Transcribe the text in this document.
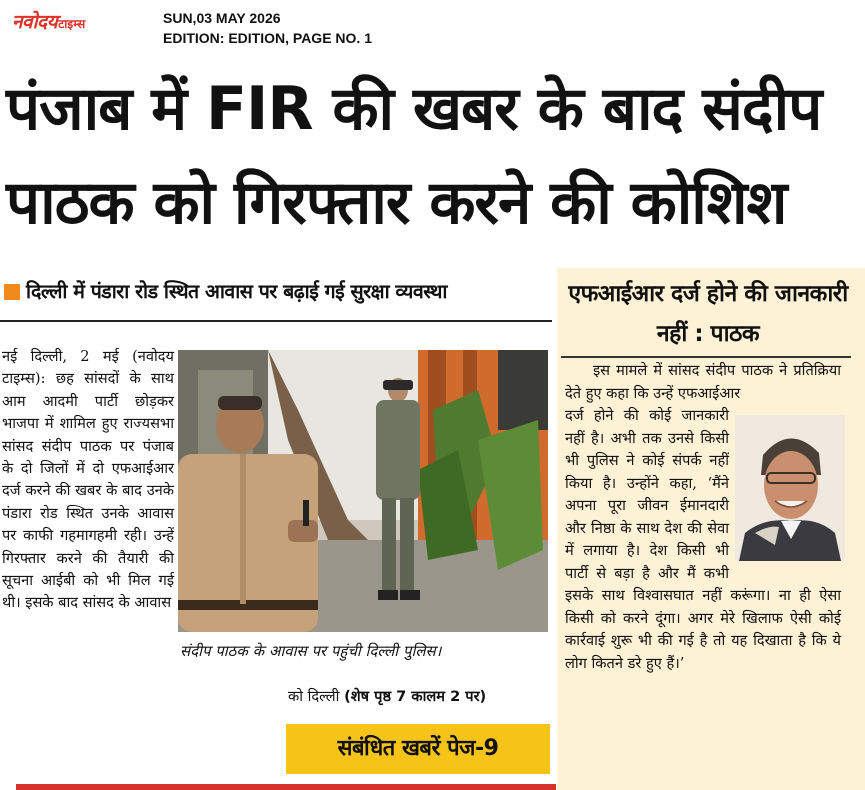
नवोदय टाइम्स	SUN,03 MAY 2026
EDITION: EDITION, PAGE NO. 1
पंजाब में FIR की खबर के बाद संदीप
पाठक को गिरफ्तार करने की कोशिश
दिल्ली में पंडारा रोड स्थित आवास पर बढ़ाई गई सुरक्षा व्यवस्था
नई दिल्ली, 2 मई (नवोदय टाइम्स): छह सांसदों के साथ आम आदमी पार्टी छोड़कर भाजपा में शामिल हुए राज्यसभा सांसद संदीप पाठक पर पंजाब के दो जिलों में दो एफआईआर दर्ज करने की खबर के बाद उनके पंडारा रोड स्थित उनके आवास पर काफी गहमागहमी रही। उन्हें गिरफ्तार करने की तैयारी की सूचना आईबी को भी मिल गई थी। इसके बाद सांसद के आवास
संदीप पाठक के आवास पर पहुंची दिल्ली पुलिस।
को दिल्ली (शेष पृष्ठ 7 कालम 2 पर)
संबंधित खबरें पेज-9
एफआईआर दर्ज होने की जानकारी नहीं : पाठक

इस मामले में सांसद संदीप पाठक ने प्रतिक्रिया देते हुए कहा कि उन्हें एफआईआर

दर्ज होने की कोई जानकारी नहीं है। अभी तक उनसे किसी भी पुलिस ने कोई संपर्क नहीं किया है। उन्होंने कहा, ‘मैंने अपना पूरा जीवन ईमानदारी और निष्ठा के साथ देश की सेवा में लगाया है। देश किसी भी पार्टी से बड़ा है और मैं कभी इसके साथ विश्वासघात नहीं करूंगा। ना ही ऐसा किसी को करने दूंगा। अगर मेरे खिलाफ ऐसी कोई कार्रवाई शुरू भी की गई है तो यह दिखाता है कि ये लोग कितने डरे हुए हैं।’
